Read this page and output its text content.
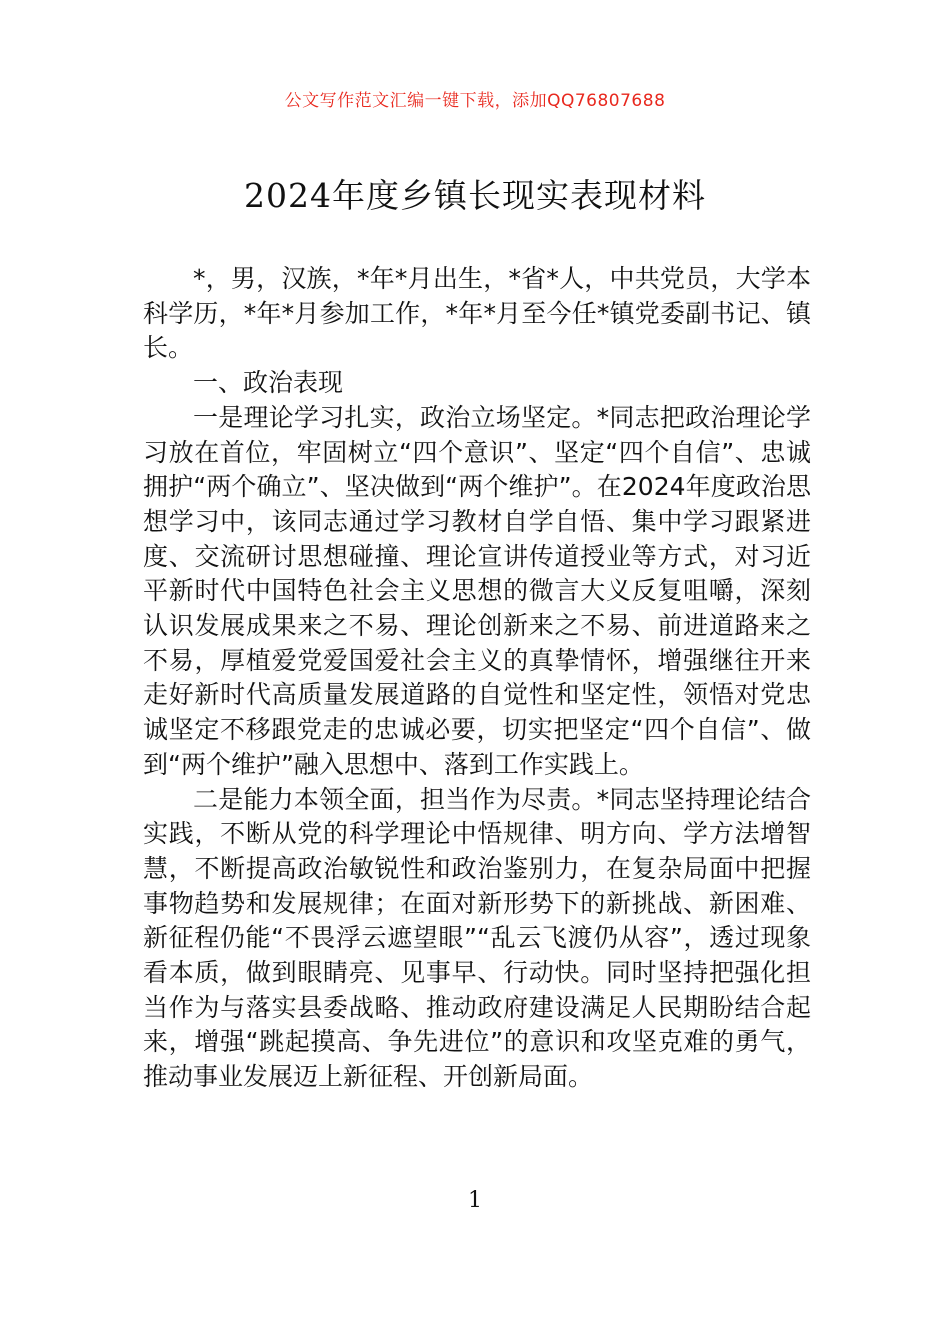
公文写作范文汇编一键下载，添加QQ76807688
2024年度乡镇长现实表现材料

*，男，汉族，*年*月出生，*省*人，中共党员，大学本科学历，*年*月参加工作，*年*月至今任*镇党委副书记、镇长。

一、政治表现

一是理论学习扎实，政治立场坚定。*同志把政治理论学习放在首位，牢固树立“四个意识”、坚定“四个自信”、忠诚拥护“两个确立”、坚决做到“两个维护”。在2024年度政治思想学习中，该同志通过学习教材自学自悟、集中学习跟紧进度、交流研讨思想碰撞、理论宣讲传道授业等方式，对习近平新时代中国特色社会主义思想的微言大义反复咀嚼，深刻认识发展成果来之不易、理论创新来之不易、前进道路来之不易，厚植爱党爱国爱社会主义的真挚情怀，增强继往开来走好新时代高质量发展道路的自觉性和坚定性，领悟对党忠诚坚定不移跟党走的忠诚必要，切实把坚定“四个自信”、做到“两个维护”融入思想中、落到工作实践上。

二是能力本领全面，担当作为尽责。*同志坚持理论结合实践，不断从党的科学理论中悟规律、明方向、学方法增智慧，不断提高政治敏锐性和政治鉴别力，在复杂局面中把握事物趋势和发展规律；在面对新形势下的新挑战、新困难、新征程仍能“不畏浮云遮望眼”“乱云飞渡仍从容”，透过现象看本质，做到眼睛亮、见事早、行动快。同时坚持把强化担当作为与落实县委战略、推动政府建设满足人民期盼结合起来，增强“跳起摸高、争先进位”的意识和攻坚克难的勇气，推动事业发展迈上新征程、开创新局面。

1
